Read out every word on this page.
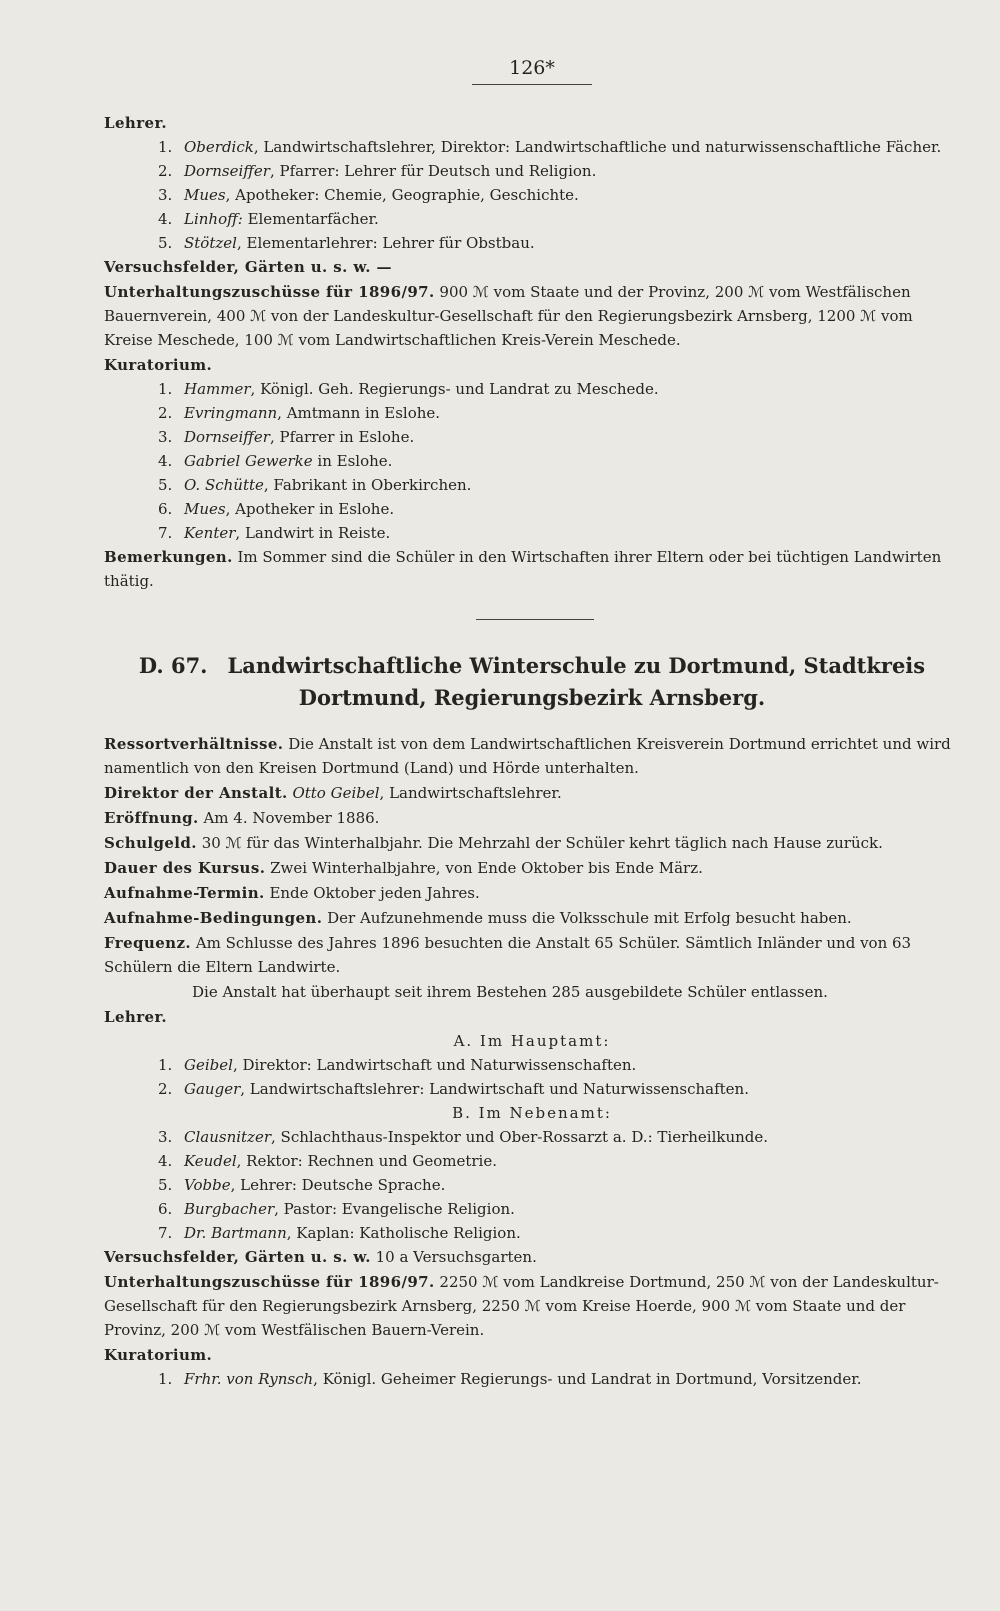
126*
Lehrer.
1. Oberdick, Landwirtschaftslehrer, Direktor: Landwirtschaftliche und naturwissenschaftliche Fächer.
2. Dornseiffer, Pfarrer: Lehrer für Deutsch und Religion.
3. Mues, Apotheker: Chemie, Geographie, Geschichte.
4. Linhoff: Elementarfächer.
5. Stötzel, Elementarlehrer: Lehrer für Obstbau.

Versuchsfelder, Gärten u. s. w. —

Unterhaltungszuschüsse für 1896/97. 900 ℳ vom Staate und der Provinz, 200 ℳ vom Westfälischen Bauernverein, 400 ℳ von der Landeskultur-Gesellschaft für den Regierungsbezirk Arnsberg, 1200 ℳ vom Kreise Meschede, 100 ℳ vom Landwirtschaftlichen Kreis-Verein Meschede.

Kuratorium.

1. Hammer, Königl. Geh. Regierungs- und Landrat zu Meschede.
2. Evringmann, Amtmann in Eslohe.
3. Dornseiffer, Pfarrer in Eslohe.
4. Gabriel Gewerke in Eslohe.
5. O. Schütte, Fabrikant in Oberkirchen.
6. Mues, Apotheker in Eslohe.
7. Kenter, Landwirt in Reiste.

Bemerkungen. Im Sommer sind die Schüler in den Wirtschaften ihrer Eltern oder bei tüchtigen Landwirten thätig.

D. 67. Landwirtschaftliche Winterschule zu Dortmund, Stadtkreis
Dortmund, Regierungsbezirk Arnsberg.

Ressortverhältnisse. Die Anstalt ist von dem Landwirtschaftlichen Kreisverein Dortmund errichtet und wird namentlich von den Kreisen Dortmund (Land) und Hörde unterhalten.

Direktor der Anstalt. Otto Geibel, Landwirtschaftslehrer.

Eröffnung. Am 4. November 1886.

Schulgeld. 30 ℳ für das Winterhalbjahr. Die Mehrzahl der Schüler kehrt täglich nach Hause zurück.

Dauer des Kursus. Zwei Winterhalbjahre, von Ende Oktober bis Ende März.

Aufnahme-Termin. Ende Oktober jeden Jahres.

Aufnahme-Bedingungen. Der Aufzunehmende muss die Volksschule mit Erfolg besucht haben.

Frequenz. Am Schlusse des Jahres 1896 besuchten die Anstalt 65 Schüler. Sämtlich Inländer und von 63 Schülern die Eltern Landwirte.

Die Anstalt hat überhaupt seit ihrem Bestehen 285 ausgebildete Schüler entlassen.

Lehrer.

A. Im Hauptamt:

1. Geibel, Direktor: Landwirtschaft und Naturwissenschaften.
2. Gauger, Landwirtschaftslehrer: Landwirtschaft und Naturwissenschaften.

B. Im Nebenamt:

3. Clausnitzer, Schlachthaus-Inspektor und Ober-Rossarzt a. D.: Tierheilkunde.
4. Keudel, Rektor: Rechnen und Geometrie.
5. Vobbe, Lehrer: Deutsche Sprache.
6. Burgbacher, Pastor: Evangelische Religion.
7. Dr. Bartmann, Kaplan: Katholische Religion.

Versuchsfelder, Gärten u. s. w. 10 a Versuchsgarten.

Unterhaltungszuschüsse für 1896/97. 2250 ℳ vom Landkreise Dortmund, 250 ℳ von der Landeskultur-Gesellschaft für den Regierungsbezirk Arnsberg, 2250 ℳ vom Kreise Hoerde, 900 ℳ vom Staate und der Provinz, 200 ℳ vom Westfälischen Bauern-Verein.

Kuratorium.

1. Frhr. von Rynsch, Königl. Geheimer Regierungs- und Landrat in Dortmund, Vorsitzender.
